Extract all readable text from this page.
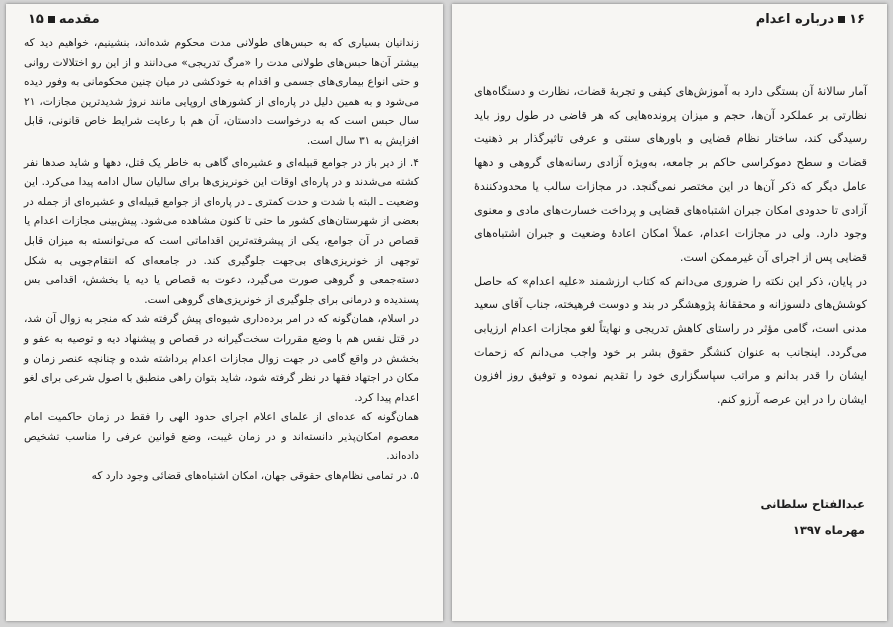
مقدمه۱۵

زندانیان بسیاری که به حبس‌های طولانی مدت محکوم شده‌اند، بنشینیم، خواهیم دید که بیشتر آن‌ها حبس‌های طولانی مدت را «مرگ تدریجی» می‌دانند و از این رو اختلالات روانی و حتی انواع بیماری‌های جسمی و اقدام به خودکشی در میان چنین محکومانی به وفور دیده می‌شود و به همین دلیل در پاره‌ای از کشورهای اروپایی مانند نروژ شدیدترین مجازات، ۲۱ سال حبس است که به درخواست دادستان، آن هم با رعایت شرایط خاص قانونی، قابل افزایش به ۳۱ سال است.

۴. از دیر باز در جوامع قبیله‌ای و عشیره‌ای گاهی به خاطر یک قتل، دهها و شاید صدها نفر کشته می‌شدند و در پاره‌ای اوقات این خونریزی‌ها برای سالیان سال ادامه پیدا می‌کرد. این وضعیت ـ البته با شدت و حدت کمتری ـ در پاره‌ای از جوامع قبیله‌ای و عشیره‌ای از جمله در بعضی از شهرستان‌های کشور ما حتی تا کنون مشاهده می‌شود. پیش‌بینی مجازات اعدام یا قصاص در آن جوامع، یکی از پیشرفته‌ترین اقداماتی است که می‌توانسته به میزان قابل توجهی از خونریزی‌های بی‌جهت جلوگیری کند. در جامعه‌ای که انتقام‌جویی به شکل دسته‌جمعی و گروهی صورت می‌گیرد، دعوت به قصاص یا دیه یا بخشش، اقدامی بس پسندیده و درمانی برای جلوگیری از خونریزی‌های گروهی است.

در اسلام، همان‌گونه که در امر برده‌داری شیوه‌ای پیش گرفته شد که منجر به زوال آن شد، در قتل نفس هم با وضع مقررات سخت‌گیرانه در قصاص و پیشنهاد دیه و توصیه به عفو و بخشش در واقع گامی در جهت زوال مجازات اعدام برداشته شده و چنانچه عنصر زمان و مکان در اجتهاد فقها در نظر گرفته شود، شاید بتوان راهی منطبق با اصول شرعی برای لغو اعدام پیدا کرد.

همان‌گونه که عده‌ای از علمای اعلام اجرای حدود الهی را فقط در زمان حاکمیت امام معصوم امکان‌پذیر دانسته‌اند و در زمان غیبت، وضع قوانین عرفی را مناسب تشخیص داده‌اند.

۵. در تمامی نظام‌های حقوقی جهان، امکان اشتباه‌های قضائی وجود دارد که

۱۶درباره اعدام

آمار سالانهٔ آن بستگی دارد به آموزش‌های کیفی و تجربهٔ قضات، نظارت و دستگاه‌های نظارتی بر عملکرد آن‌ها، حجم و میزان پرونده‌هایی که هر قاضی در طول روز باید رسیدگی کند، ساختار نظام قضایی و باورهای سنتی و عرفی تاثیرگذار بر ذهنیت قضات و سطح دموکراسی حاکم بر جامعه، به‌ویژه آزادی رسانه‌های گروهی و دهها عامل دیگر که ذکر آن‌ها در این مختصر نمی‌گنجد. در مجازات سالب یا محدودکنندهٔ آزادی تا حدودی امکان جبران اشتباه‌های قضایی و پرداخت خسارت‌های مادی و معنوی وجود دارد. ولی در مجازات اعدام، عملاً امکان اعادهٔ وضعیت و جبران اشتباه‌های قضایی پس از اجرای آن غیرممکن است.

در پایان، ذکر این نکته را ضروری می‌دانم که کتاب ارزشمند «علیه اعدام» که حاصل کوشش‌های دلسوزانه و محققانهٔ پژوهشگر در بند و دوست فرهیخته، جناب آقای سعید مدنی است، گامی مؤثر در راستای کاهش تدریجی و نهایتاً لغو مجازات اعدام ارزیابی می‌گردد. اینجانب به عنوان کنشگر حقوق بشر بر خود واجب می‌دانم که زحمات ایشان را قدر بدانم و مراتب سپاسگزاری خود را تقدیم نموده و توفیق روز افزون ایشان را در این عرصه آرزو کنم.

عبدالفتاح سلطانی
مهرماه ۱۳۹۷
